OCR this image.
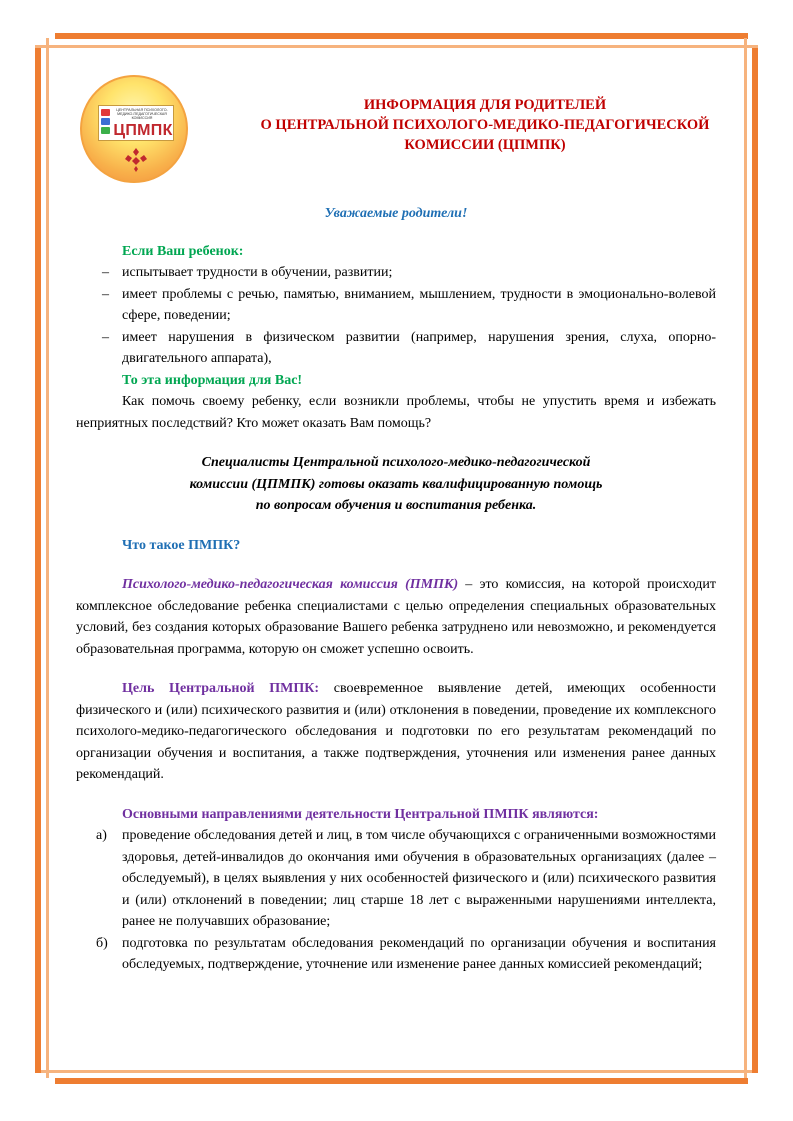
ЦЕНТРАЛЬНАЯ ПСИХОЛОГО-МЕДИКО-ПЕДАГОГИЧЕСКАЯ КОМИССИЯ
ЦПМПК
ИНФОРМАЦИЯ ДЛЯ РОДИТЕЛЕЙ
О ЦЕНТРАЛЬНОЙ ПСИХОЛОГО-МЕДИКО-ПЕДАГОГИЧЕСКОЙ
КОМИССИИ (ЦПМПК)
Уважаемые родители!
Если Ваш ребенок:
– испытывает трудности в обучении, развитии;
– имеет проблемы с речью, памятью, вниманием, мышлением, трудности в эмоционально-волевой сфере, поведении;
– имеет нарушения в физическом развитии (например, нарушения зрения, слуха, опорно-двигательного аппарата),
То эта информация для Вас!
Как помочь своему ребенку, если возникли проблемы, чтобы не упустить время и избежать неприятных последствий? Кто может оказать Вам помощь?
Специалисты Центральной психолого-медико-педагогической
комиссии (ЦПМПК) готовы оказать квалифицированную помощь
по вопросам обучения и воспитания ребенка.
Что такое ПМПК?
Психолого-медико-педагогическая комиссия (ПМПК) – это комиссия, на которой происходит комплексное обследование ребенка специалистами с целью определения специальных образовательных условий, без создания которых образование Вашего ребенка затруднено или невозможно, и рекомендуется образовательная программа, которую он сможет успешно освоить.
Цель Центральной ПМПК: своевременное выявление детей, имеющих особенности физического и (или) психического развития и (или) отклонения в поведении, проведение их комплексного психолого-медико-педагогического обследования и подготовки по его результатам рекомендаций по организации обучения и воспитания, а также подтверждения, уточнения или изменения ранее данных рекомендаций.
Основными направлениями деятельности Центральной ПМПК являются:
а) проведение обследования детей и лиц, в том числе обучающихся с ограниченными возможностями здоровья, детей-инвалидов до окончания ими обучения в образовательных организациях (далее – обследуемый), в целях выявления у них особенностей физического и (или) психического развития и (или) отклонений в поведении; лиц старше 18 лет с выраженными нарушениями интеллекта, ранее не получавших образование;
б) подготовка по результатам обследования рекомендаций по организации обучения и воспитания обследуемых, подтверждение, уточнение или изменение ранее данных комиссией рекомендаций;
